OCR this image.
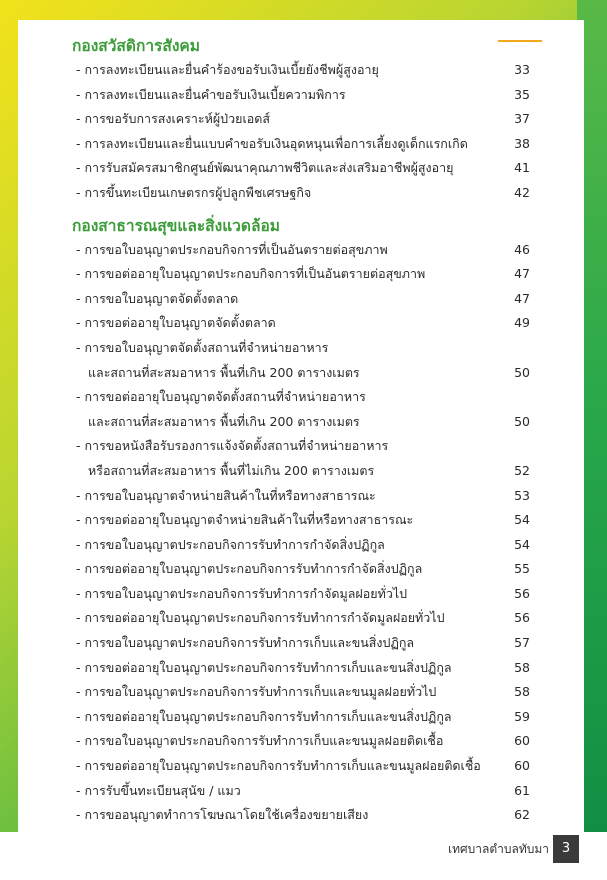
กองสวัสดิการสังคม
- การลงทะเบียนและยื่นคำร้องขอรับเงินเบี้ยยังชีพผู้สูงอายุ	33
- การลงทะเบียนและยื่นคำขอรับเงินเบี้ยความพิการ	35
- การขอรับการสงเคราะห์ผู้ป่วยเอดส์	37
- การลงทะเบียนและยื่นแบบคำขอรับเงินอุดหนุนเพื่อการเลี้ยงดูเด็กแรกเกิด	38
- การรับสมัครสมาชิกศูนย์พัฒนาคุณภาพชีวิตและส่งเสริมอาชีพผู้สูงอายุ	41
- การขึ้นทะเบียนเกษตรกรผู้ปลูกพืชเศรษฐกิจ	42
กองสาธารณสุขและสิ่งแวดล้อม
- การขอใบอนุญาตประกอบกิจการที่เป็นอันตรายต่อสุขภาพ	46
- การขอต่ออายุใบอนุญาตประกอบกิจการที่เป็นอันตรายต่อสุขภาพ	47
- การขอใบอนุญาตจัดตั้งตลาด	47
- การขอต่ออายุใบอนุญาตจัดตั้งตลาด	49
- การขอใบอนุญาตจัดตั้งสถานที่จำหน่ายอาหาร
และสถานที่สะสมอาหาร พื้นที่เกิน 200 ตารางเมตร	50
- การขอต่ออายุใบอนุญาตจัดตั้งสถานที่จำหน่ายอาหาร
และสถานที่สะสมอาหาร พื้นที่เกิน 200 ตารางเมตร	50
- การขอหนังสือรับรองการแจ้งจัดตั้งสถานที่จำหน่ายอาหาร
หรือสถานที่สะสมอาหาร พื้นที่ไม่เกิน 200 ตารางเมตร	52
- การขอใบอนุญาตจำหน่ายสินค้าในที่หรือทางสาธารณะ	53
- การขอต่ออายุใบอนุญาตจำหน่ายสินค้าในที่หรือทางสาธารณะ	54
- การขอใบอนุญาตประกอบกิจการรับทำการกำจัดสิ่งปฏิกูล	54
- การขอต่ออายุใบอนุญาตประกอบกิจการรับทำการกำจัดสิ่งปฏิกูล	55
- การขอใบอนุญาตประกอบกิจการรับทำการกำจัดมูลฝอยทั่วไป	56
- การขอต่ออายุใบอนุญาตประกอบกิจการรับทำการกำจัดมูลฝอยทั่วไป	56
- การขอใบอนุญาตประกอบกิจการรับทำการเก็บและขนสิ่งปฏิกูล	57
- การขอต่ออายุใบอนุญาตประกอบกิจการรับทำการเก็บและขนสิ่งปฏิกูล	58
- การขอใบอนุญาตประกอบกิจการรับทำการเก็บและขนมูลฝอยทั่วไป	58
- การขอต่ออายุใบอนุญาตประกอบกิจการรับทำการเก็บและขนสิ่งปฏิกูล	59
- การขอใบอนุญาตประกอบกิจการรับทำการเก็บและขนมูลฝอยติดเชื้อ	60
- การขอต่ออายุใบอนุญาตประกอบกิจการรับทำการเก็บและขนมูลฝอยติดเชื้อ	60
- การรับขึ้นทะเบียนสุนัข / แมว	61
- การขออนุญาตทำการโฆษณาโดยใช้เครื่องขยายเสียง	62
เทศบาลตำบลทับมา 3
